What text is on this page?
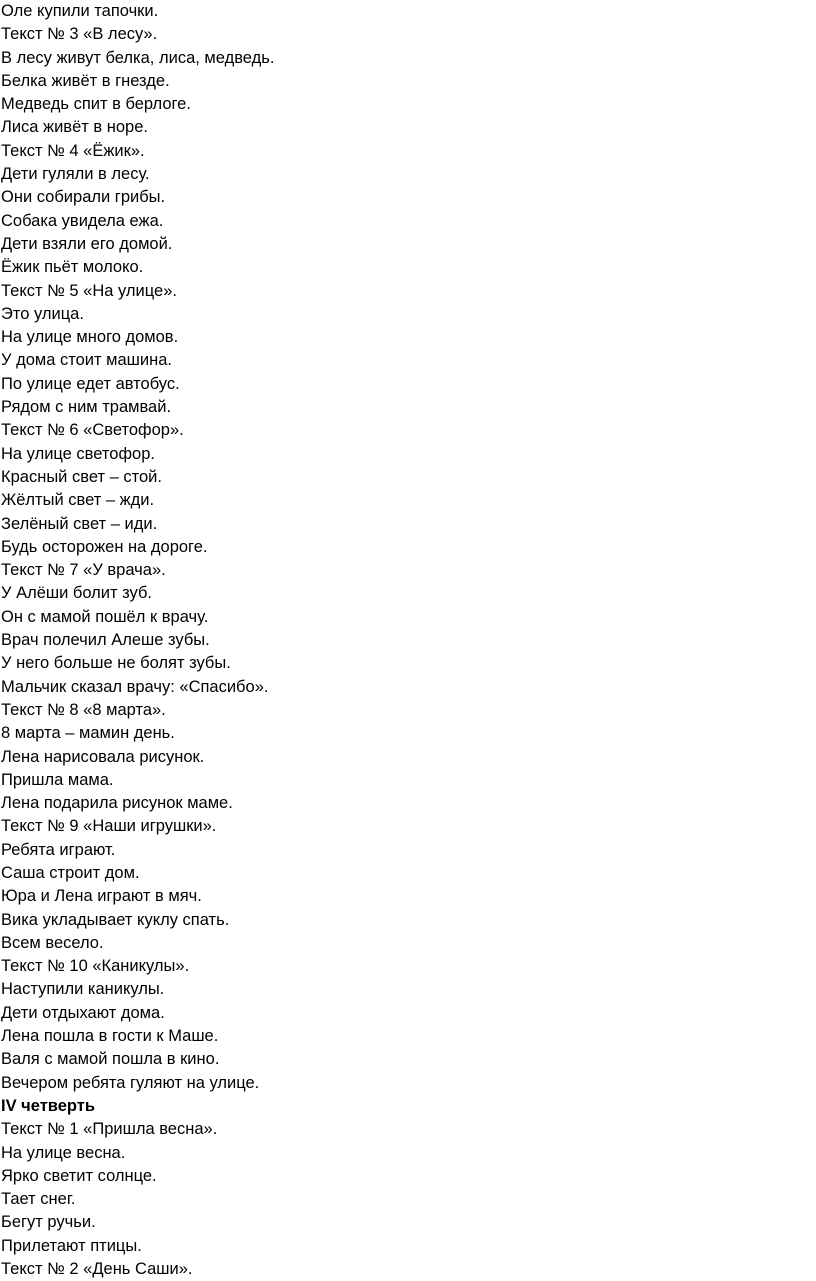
Оле купили тапочки.
Текст № 3 «В лесу».
В лесу живут белка, лиса, медведь.
Белка живёт в гнезде.
Медведь спит в берлоге.
Лиса живёт в норе.
Текст № 4 «Ёжик».
Дети гуляли в лесу.
Они собирали грибы.
Собака увидела ежа.
Дети взяли его домой.
Ёжик пьёт молоко.
Текст № 5 «На улице».
Это улица.
На улице много домов.
У дома стоит машина.
По улице едет автобус.
Рядом с ним трамвай.
Текст № 6 «Светофор».
На улице светофор.
Красный свет – стой.
Жёлтый свет – жди.
Зелёный свет – иди.
Будь осторожен на дороге.
Текст № 7 «У врача».
У Алёши болит зуб.
Он с мамой пошёл к врачу.
Врач полечил Алеше зубы.
У него больше не болят зубы.
Мальчик сказал врачу: «Спасибо».
Текст № 8 «8 марта».
8 марта – мамин день.
Лена нарисовала рисунок.
Пришла мама.
Лена подарила рисунок маме.
Текст № 9 «Наши игрушки».
Ребята играют.
Саша строит дом.
Юра и Лена играют в мяч.
Вика укладывает куклу спать.
Всем весело.
Текст № 10 «Каникулы».
Наступили каникулы.
Дети отдыхают дома.
Лена пошла в гости к Маше.
Валя с мамой пошла в кино.
Вечером ребята гуляют на улице.
IV четверть
Текст № 1 «Пришла весна».
На улице весна.
Ярко светит солнце.
Тает снег.
Бегут ручьи.
Прилетают птицы.
Текст № 2 «День Саши».
